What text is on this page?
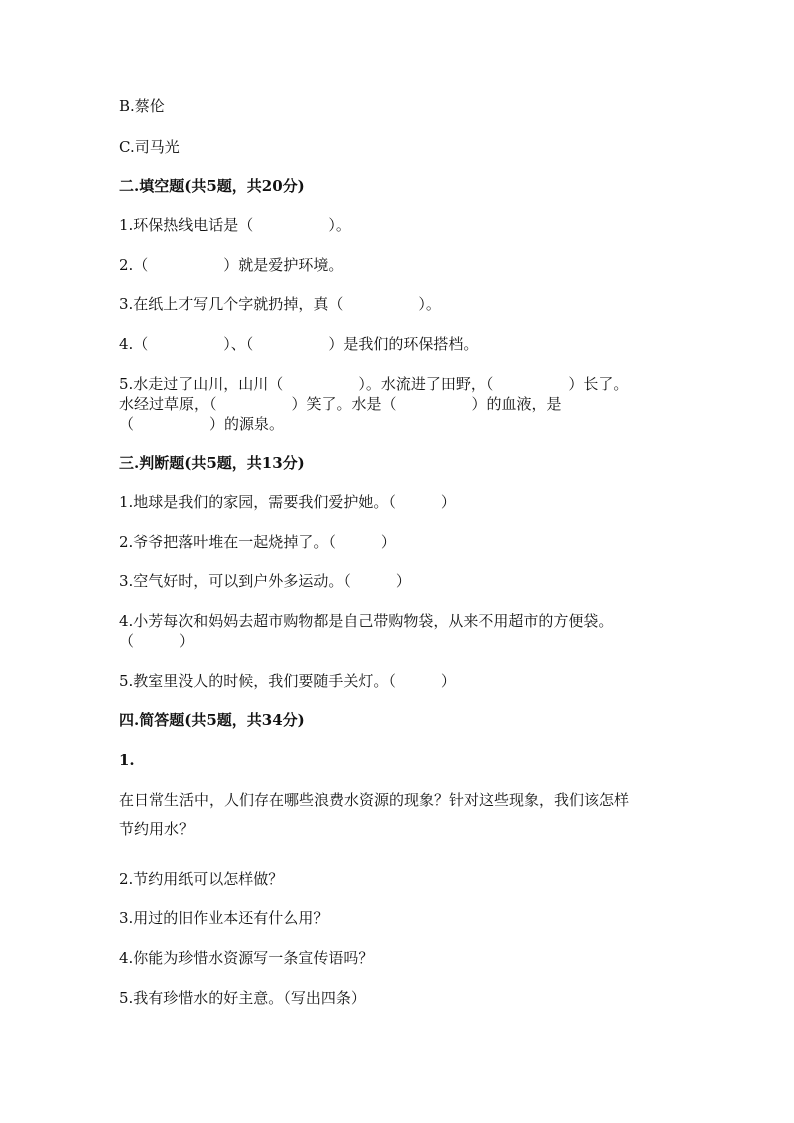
B.蔡伦
C.司马光
二.填空题(共5题，共20分)
1.环保热线电话是（　　　　　）。
2.（　　　　　）就是爱护环境。
3.在纸上才写几个字就扔掉，真（　　　　　）。
4.（　　　　　）、（　　　　　）是我们的环保搭档。
5.水走过了山川，山川（　　　　　）。水流进了田野，（　　　　　）长了。
水经过草原，（　　　　　）笑了。水是（　　　　　）的血液，是
（　　　　　）的源泉。
三.判断题(共5题，共13分)
1.地球是我们的家园，需要我们爱护她。（　　　）
2.爷爷把落叶堆在一起烧掉了。（　　　）
3.空气好时，可以到户外多运动。（　　　）
4.小芳每次和妈妈去超市购物都是自己带购物袋，从来不用超市的方便袋。
（　　　）
5.教室里没人的时候，我们要随手关灯。（　　　）
四.简答题(共5题，共34分)
1.
在日常生活中，人们存在哪些浪费水资源的现象？针对这些现象，我们该怎样
节约用水？
2.节约用纸可以怎样做？
3.用过的旧作业本还有什么用？
4.你能为珍惜水资源写一条宣传语吗？
5.我有珍惜水的好主意。（写出四条）
